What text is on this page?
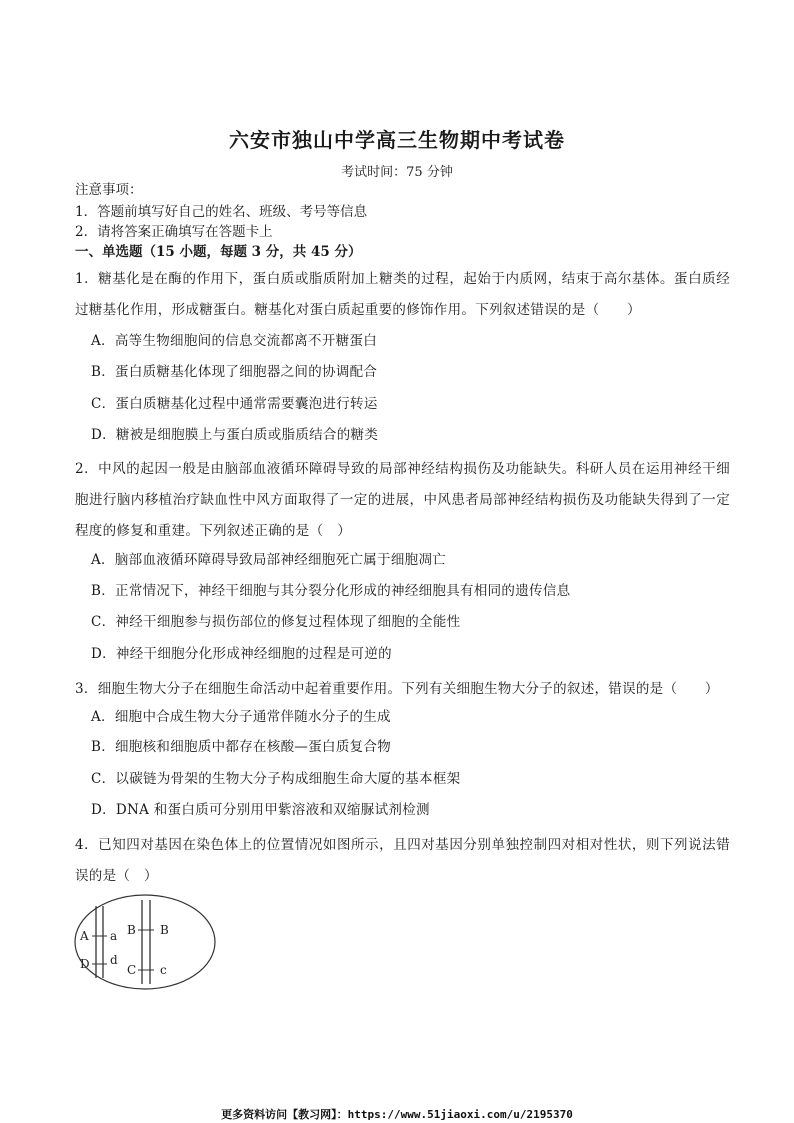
六安市独山中学高三生物期中考试卷
考试时间：75 分钟
注意事项：
1．答题前填写好自己的姓名、班级、考号等信息
2．请将答案正确填写在答题卡上
一、单选题（15 小题，每题 3 分，共 45 分）
1．糖基化是在酶的作用下，蛋白质或脂质附加上糖类的过程，起始于内质网，结束于高尔基体。蛋白质经过糖基化作用，形成糖蛋白。糖基化对蛋白质起重要的修饰作用。下列叙述错误的是（　　）
A．高等生物细胞间的信息交流都离不开糖蛋白
B．蛋白质糖基化体现了细胞器之间的协调配合
C．蛋白质糖基化过程中通常需要囊泡进行转运
D．糖被是细胞膜上与蛋白质或脂质结合的糖类
2．中风的起因一般是由脑部血液循环障碍导致的局部神经结构损伤及功能缺失。科研人员在运用神经干细胞进行脑内移植治疗缺血性中风方面取得了一定的进展，中风患者局部神经结构损伤及功能缺失得到了一定程度的修复和重建。下列叙述正确的是（　）
A．脑部血液循环障碍导致局部神经细胞死亡属于细胞凋亡
B．正常情况下，神经干细胞与其分裂分化形成的神经细胞具有相同的遗传信息
C．神经干细胞参与损伤部位的修复过程体现了细胞的全能性
D．神经干细胞分化形成神经细胞的过程是可逆的
3．细胞生物大分子在细胞生命活动中起着重要作用。下列有关细胞生物大分子的叙述，错误的是（　　）
A．细胞中合成生物大分子通常伴随水分子的生成
B．细胞核和细胞质中都存在核酸—蛋白质复合物
C．以碳链为骨架的生物大分子构成细胞生命大厦的基本框架
D．DNA 和蛋白质可分别用甲紫溶液和双缩脲试剂检测
4．已知四对基因在染色体上的位置情况如图所示，且四对基因分别单独控制四对相对性状，则下列说法错误的是（　）
A a B B
D d
C c
更多资料访问【教习网】：https://www.51jiaoxi.com/u/2195370
